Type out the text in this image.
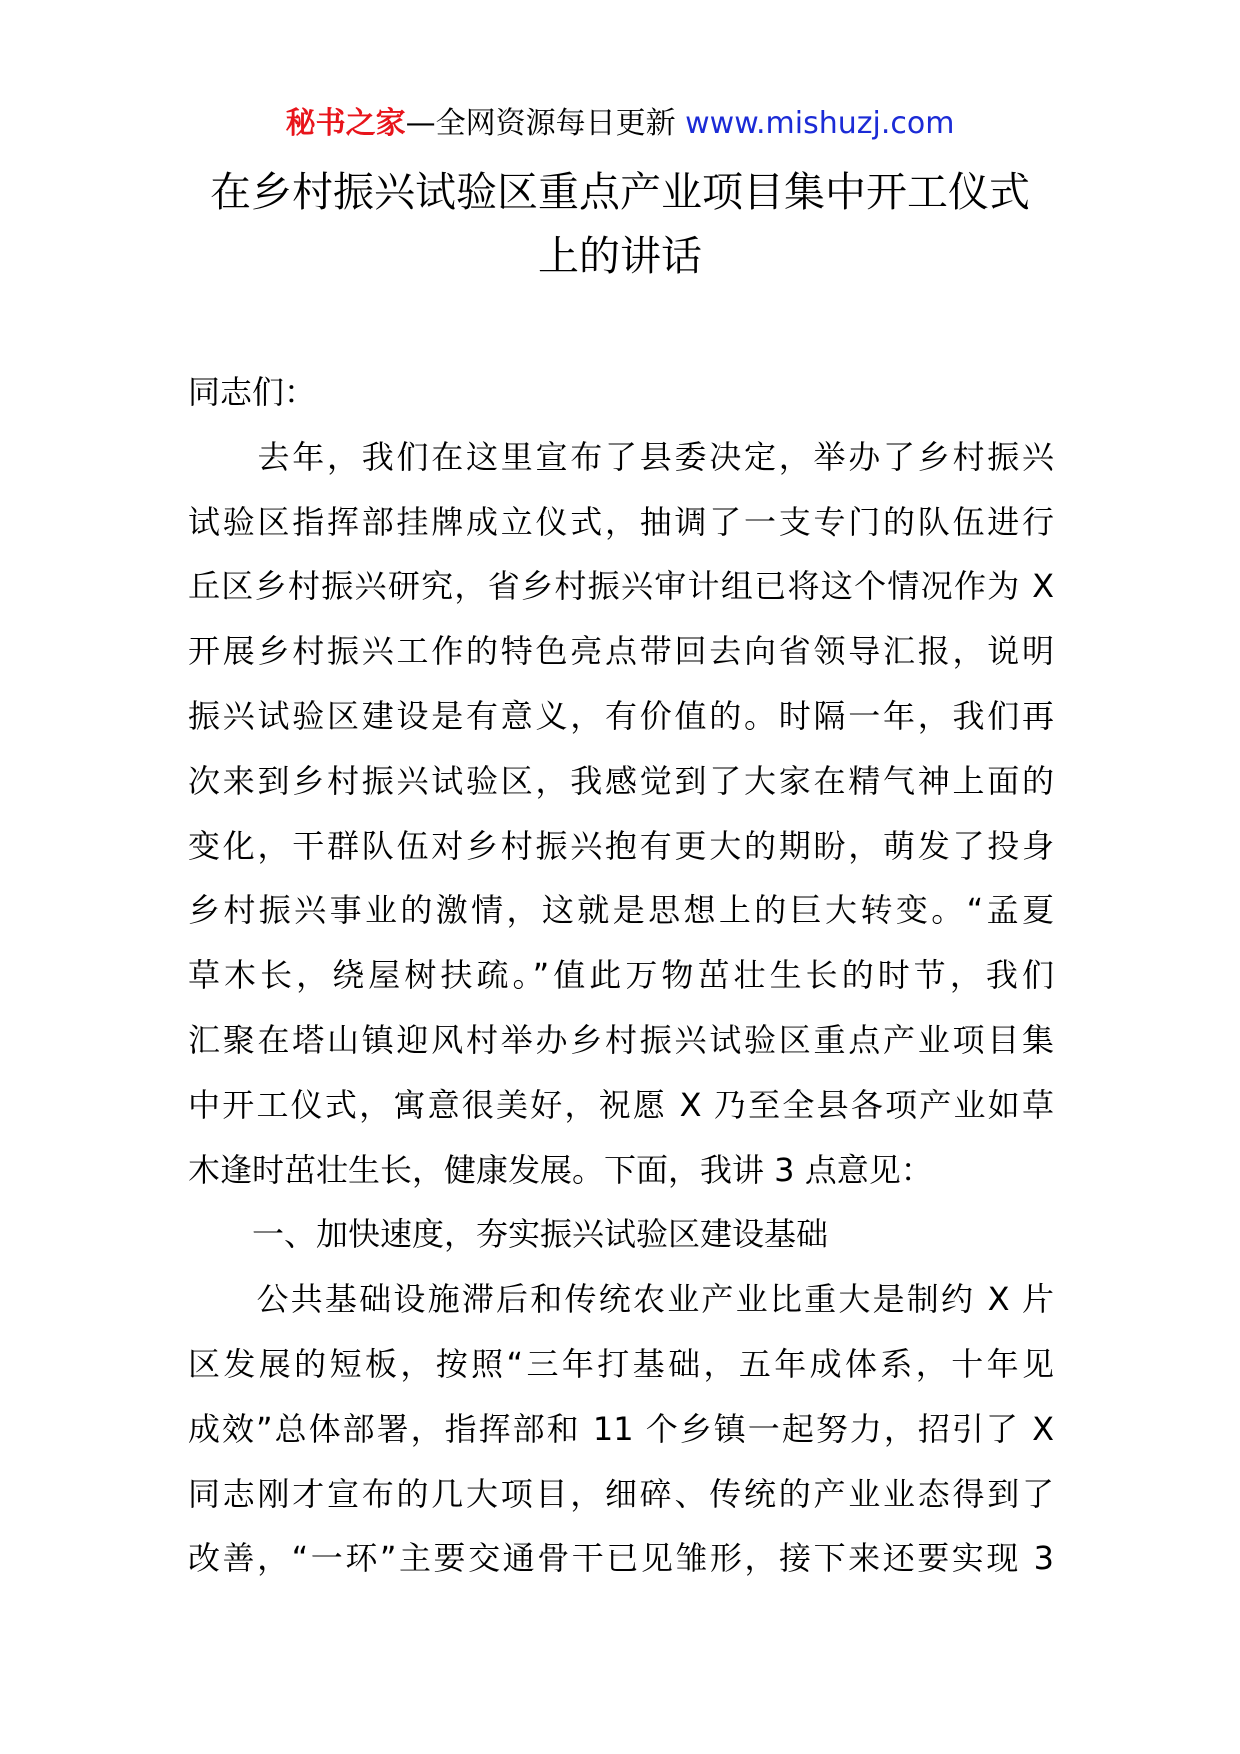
秘书之家—全网资源每日更新 www.mishuzj.com
在乡村振兴试验区重点产业项目集中开工仪式
上的讲话
同志们：
　　去年，我们在这里宣布了县委决定，举办了乡村振兴
试验区指挥部挂牌成立仪式，抽调了一支专门的队伍进行
丘区乡村振兴研究，省乡村振兴审计组已将这个情况作为 X
开展乡村振兴工作的特色亮点带回去向省领导汇报，说明
振兴试验区建设是有意义，有价值的。时隔一年，我们再
次来到乡村振兴试验区，我感觉到了大家在精气神上面的
变化，干群队伍对乡村振兴抱有更大的期盼，萌发了投身
乡村振兴事业的激情，这就是思想上的巨大转变。“孟夏
草木长，绕屋树扶疏。”值此万物茁壮生长的时节，我们
汇聚在塔山镇迎风村举办乡村振兴试验区重点产业项目集
中开工仪式，寓意很美好，祝愿 X 乃至全县各项产业如草
木逢时茁壮生长，健康发展。下面，我讲 3 点意见：
　　一、加快速度，夯实振兴试验区建设基础
　　公共基础设施滞后和传统农业产业比重大是制约 X 片
区发展的短板，按照“三年打基础，五年成体系，十年见
成效”总体部署，指挥部和 11 个乡镇一起努力，招引了 X
同志刚才宣布的几大项目，细碎、传统的产业业态得到了
改善，“一环”主要交通骨干已见雏形，接下来还要实现 3
